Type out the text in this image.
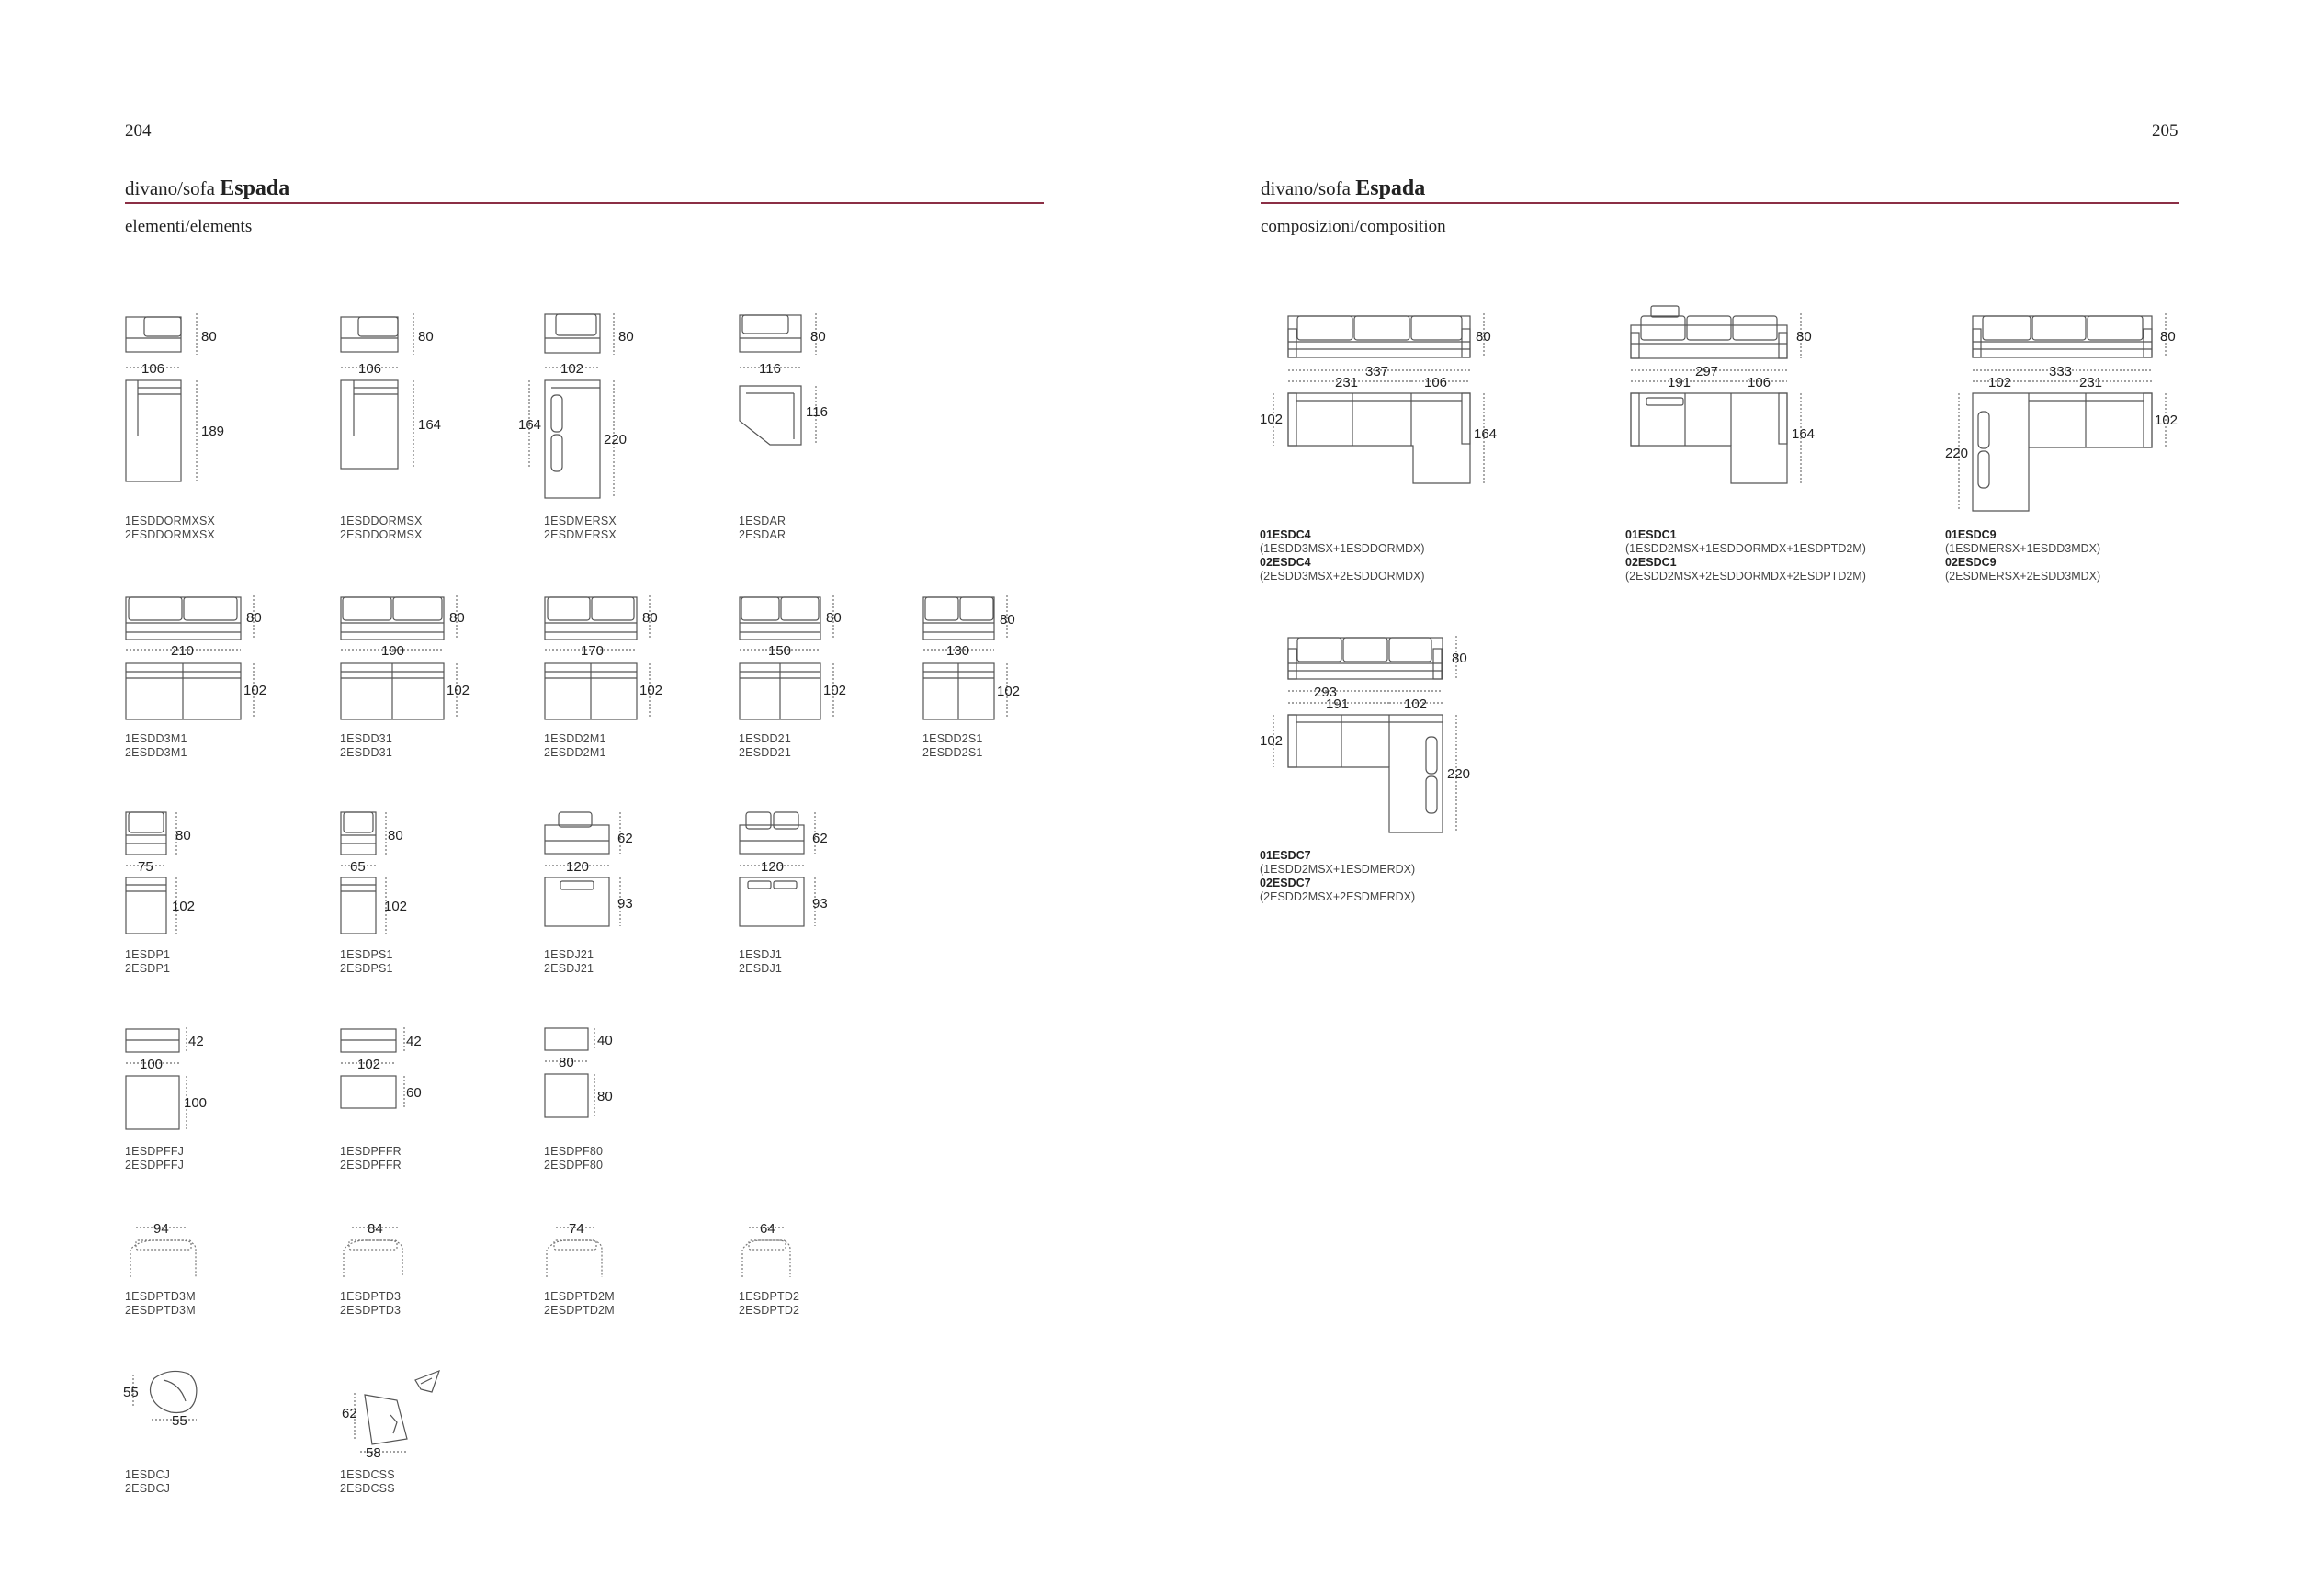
204	205
divano/sofa Espada	divano/sofa Espada
elementi/elements	composizioni/composition
80
106
189
80
106
164
80
102
164
220
80
116
116
80
210
102
80
190
102
80
170
102
80
150
102
80
130
102
80
75
102
80
65
102
62
120
93
62
120
93
42
100
100
42
102
60
40
80
80
94	84	74	64
55
55	62
58
80
337
231	106
102
164
80
297
191	106
164
80
333
102	231
102
220
80
293
191	102
102
220
1ESDDORMXSX
2ESDDORMXSX
1ESDDORMSX
2ESDDORMSX
1ESDMERSX
2ESDMERSX
1ESDAR
2ESDAR
1ESDD3M1
2ESDD3M1
1ESDD31
2ESDD31
1ESDD2M1
2ESDD2M1
1ESDD21
2ESDD21
1ESDD2S1
2ESDD2S1
1ESDP1
2ESDP1
1ESDPS1
2ESDPS1
1ESDJ21
2ESDJ21
1ESDJ1
2ESDJ1
1ESDPFFJ
2ESDPFFJ
1ESDPFFR
2ESDPFFR
1ESDPF80
2ESDPF80
1ESDPTD3M
2ESDPTD3M
1ESDPTD3
2ESDPTD3
1ESDPTD2M
2ESDPTD2M
1ESDPTD2
2ESDPTD2
1ESDCJ
2ESDCJ
1ESDCSS
2ESDCSS
01ESDC4
(1ESDD3MSX+1ESDDORMDX)
02ESDC4
(2ESDD3MSX+2ESDDORMDX)
01ESDC1
(1ESDD2MSX+1ESDDORMDX+1ESDPTD2M)
02ESDC1
(2ESDD2MSX+2ESDDORMDX+2ESDPTD2M)
01ESDC9
(1ESDMERSX+1ESDD3MDX)
02ESDC9
(2ESDMERSX+2ESDD3MDX)
01ESDC7
(1ESDD2MSX+1ESDMERDX)
02ESDC7
(2ESDD2MSX+2ESDMERDX)
